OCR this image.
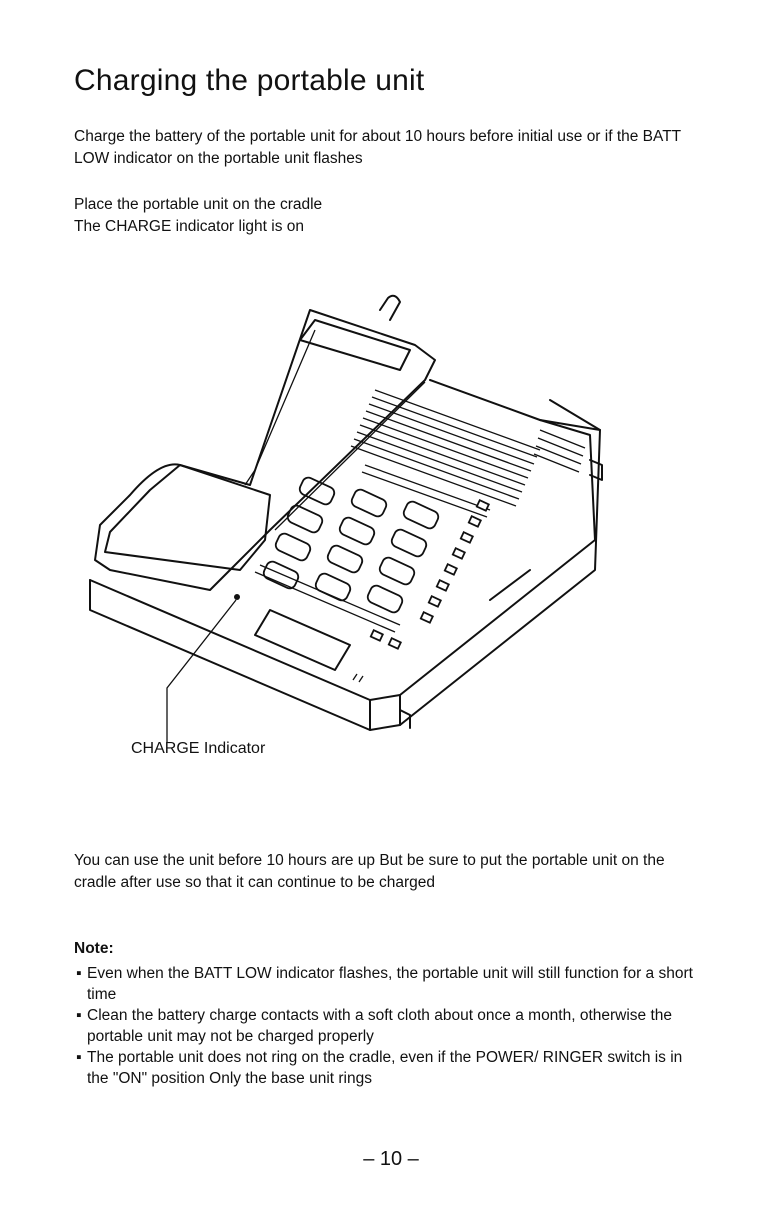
Charging the portable unit

Charge the battery of the portable unit for about 10 hours before initial use or if the BATT LOW indicator on the portable unit flashes

Place the portable unit on the cradle
The CHARGE indicator light is on
CHARGE Indicator

You can use the unit before 10 hours are up But be sure to put the portable unit on the cradle after use so that it can continue to be charged

Note:

▪ Even when the BATT LOW indicator flashes, the portable unit will still function for a short time
▪ Clean the battery charge contacts with a soft cloth about once a month, otherwise the portable unit may not be charged properly
▪ The portable unit does not ring on the cradle, even if the POWER/ RINGER switch is in the "ON" position Only the base unit rings
– 10 –
